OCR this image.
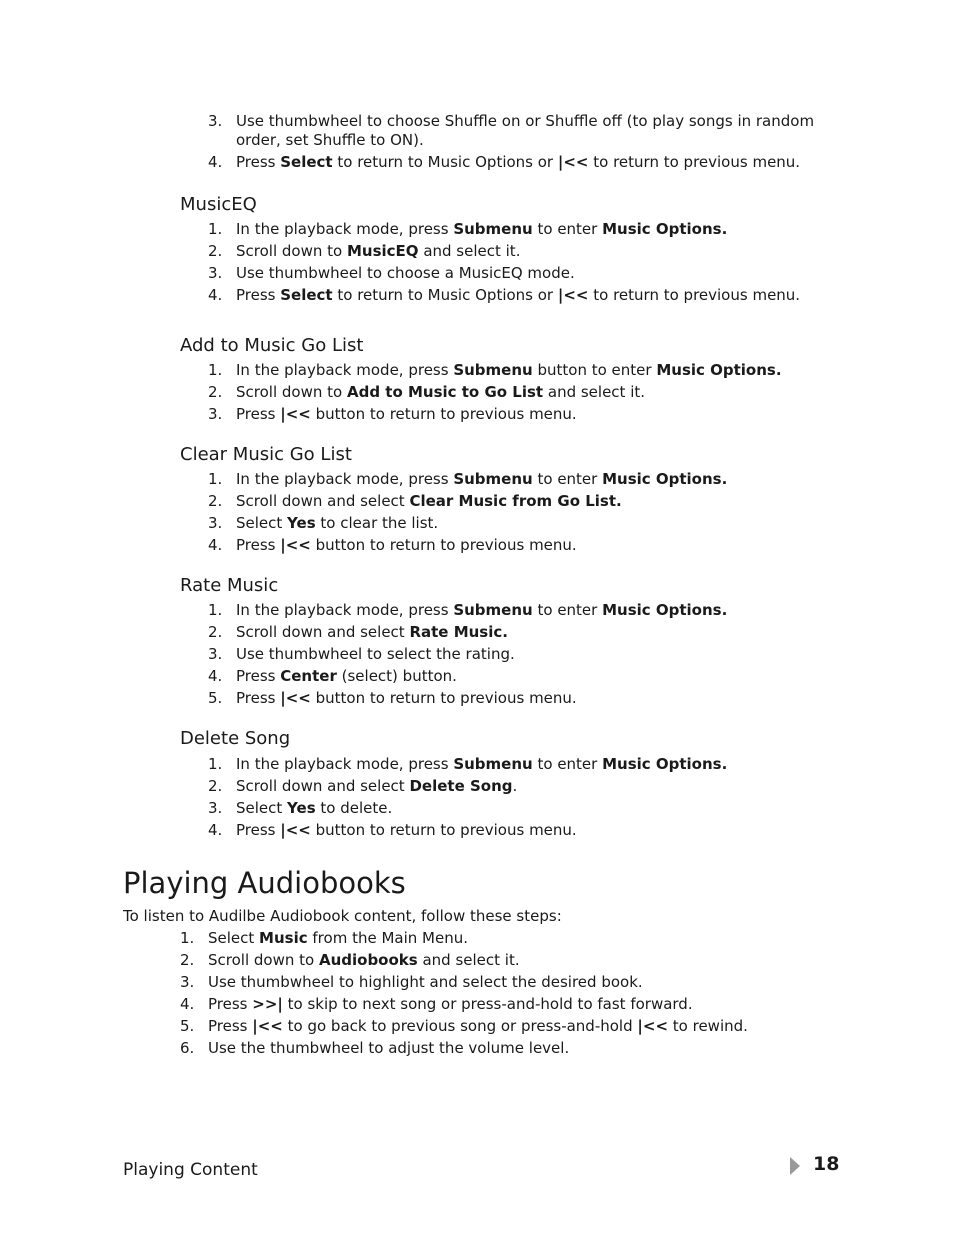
3. Use thumbwheel to choose Shuffle on or Shuffle off (to play songs in random order, set Shuffle to ON).
4. Press Select to return to Music Options or |<< to return to previous menu.
MusicEQ
1. In the playback mode, press Submenu to enter Music Options.
2. Scroll down to MusicEQ and select it.
3. Use thumbwheel to choose a MusicEQ mode.
4. Press Select to return to Music Options or |<< to return to previous menu.
Add to Music Go List
1. In the playback mode, press Submenu button to enter Music Options.
2. Scroll down to Add to Music to Go List and select it.
3. Press |<< button to return to previous menu.
Clear Music Go List
1. In the playback mode, press Submenu to enter Music Options.
2. Scroll down and select Clear Music from Go List.
3. Select Yes to clear the list.
4. Press |<< button to return to previous menu.
Rate Music
1. In the playback mode, press Submenu to enter Music Options.
2. Scroll down and select Rate Music.
3. Use thumbwheel to select the rating.
4. Press Center (select) button.
5. Press |<< button to return to previous menu.
Delete Song
1. In the playback mode, press Submenu to enter Music Options.
2. Scroll down and select Delete Song.
3. Select Yes to delete.
4. Press |<< button to return to previous menu.
Playing Audiobooks

To listen to Audilbe Audiobook content, follow these steps:

1. Select Music from the Main Menu.
2. Scroll down to Audiobooks and select it.
3. Use thumbwheel to highlight and select the desired book.
4. Press >>| to skip to next song or press-and-hold to fast forward.
5. Press |<< to go back to previous song or press-and-hold |<< to rewind.
6. Use the thumbwheel to adjust the volume level.
Playing Content	18
